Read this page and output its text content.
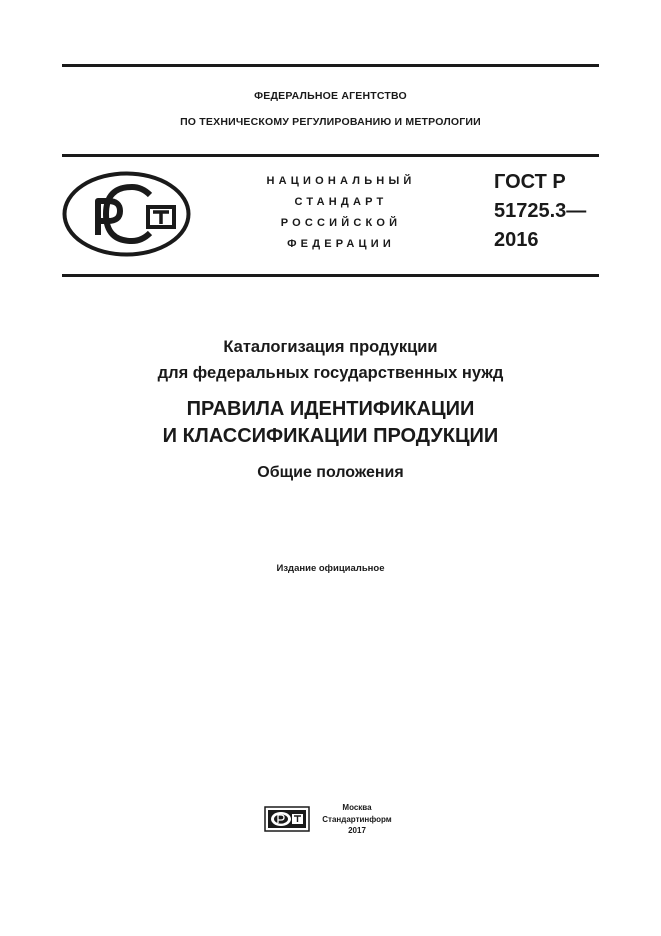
ФЕДЕРАЛЬНОЕ АГЕНТСТВО
ПО ТЕХНИЧЕСКОМУ РЕГУЛИРОВАНИЮ И МЕТРОЛОГИИ
НАЦИОНАЛЬНЫЙ
СТАНДАРТ
РОССИЙСКОЙ
ФЕДЕРАЦИИ
ГОСТ Р
51725.3—
2016
Каталогизация продукции
для федеральных государственных нужд
ПРАВИЛА ИДЕНТИФИКАЦИИ
И КЛАССИФИКАЦИИ ПРОДУКЦИИ
Общие положения
Издание официальное
Москва
Стандартинформ
2017
